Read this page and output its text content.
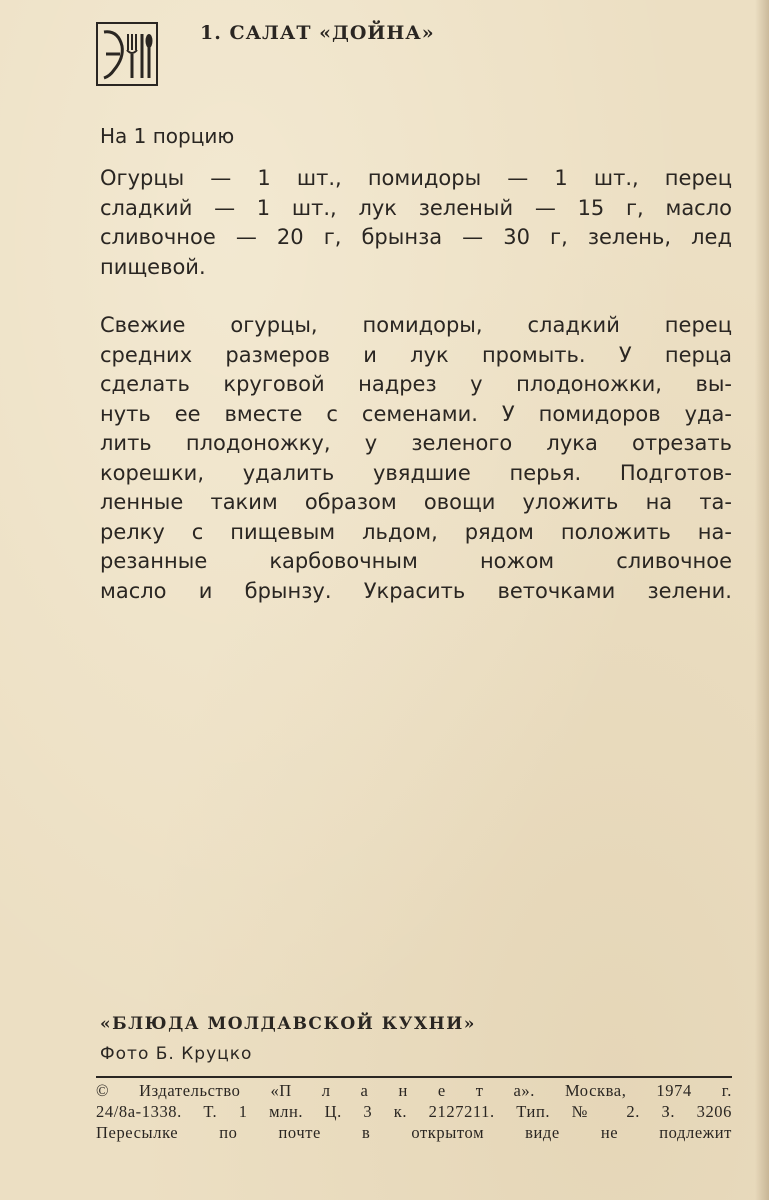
1. САЛАТ «ДОЙНА»
На 1 порцию
Огурцы — 1 шт., помидоры — 1 шт., перец
сладкий — 1 шт., лук зеленый — 15 г, масло
сливочное — 20 г, брынза — 30 г, зелень, лед
пищевой.
Свежие огурцы, помидоры, сладкий перец
средних размеров и лук промыть. У перца
сделать круговой надрез у плодоножки, вы-
нуть ее вместе с семенами. У помидоров уда-
лить плодоножку, у зеленого лука отрезать
корешки, удалить увядшие перья. Подготов-
ленные таким образом овощи уложить на та-
релку с пищевым льдом, рядом положить на-
резанные карбовочным ножом сливочное
масло и брынзу. Украсить веточками зелени.
«БЛЮДА МОЛДАВСКОЙ КУХНИ»
Фото Б. Круцко
© Издательство «П л а н е т а». Москва, 1974 г.
24/8а-1338. Т. 1 млн. Ц. 3 к. 2127211. Тип. № 2. З. 3206
Пересылке по почте в открытом виде не подлежит
